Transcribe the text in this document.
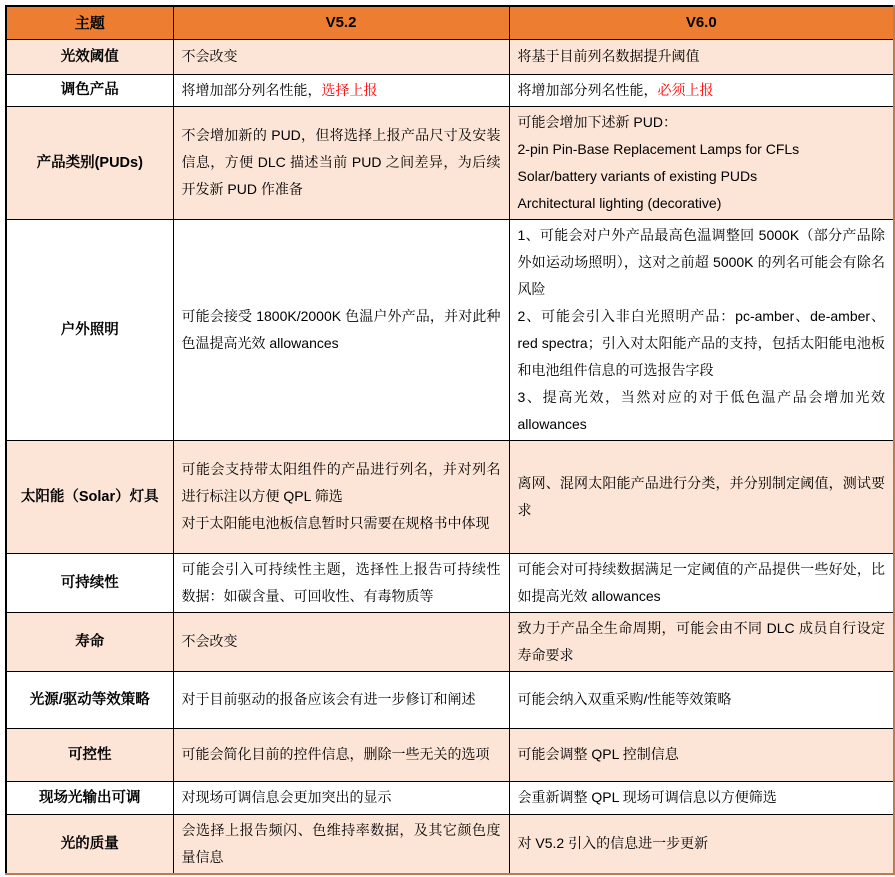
主题	V5.2	V6.0
光效阈值	不会改变	将基于目前列名数据提升阈值

调色产品	将增加部分列名性能，选择上报	将增加部分列名性能，必须上报
产品类别(PUDs)	不会增加新的 PUD，但将选择上报产品尺寸及安装信息，方便 DLC 描述当前 PUD 之间差异，为后续开发新 PUD 作准备	可能会增加下述新 PUD：
2-pin Pin-Base Replacement Lamps for CFLs
Solar/battery variants of existing PUDs
Architectural lighting (decorative)

户外照明	可能会接受 1800K/2000K 色温户外产品，并对此种色温提高光效 allowances	1、可能会对户外产品最高色温调整回 5000K（部分产品除外如运动场照明），这对之前超 5000K 的列名可能会有除名风险
2、可能会引入非白光照明产品：pc-amber、de-amber、red spectra；引入对太阳能产品的支持，包括太阳能电池板和电池组件信息的可选报告字段
3、提高光效，当然对应的对于低色温产品会增加光效 allowances

太阳能（Solar）灯具	可能会支持带太阳组件的产品进行列名，并对列名进行标注以方便 QPL 筛选
对于太阳能电池板信息暂时只需要在规格书中体现	离网、混网太阳能产品进行分类，并分别制定阈值，测试要求

可持续性	可能会引入可持续性主题，选择性上报告可持续性数据：如碳含量、可回收性、有毒物质等	可能会对可持续数据满足一定阈值的产品提供一些好处，比如提高光效 allowances

寿命	不会改变	致力于产品全生命周期，可能会由不同 DLC 成员自行设定寿命要求

光源/驱动等效策略	对于目前驱动的报备应该会有进一步修订和阐述	可能会纳入双重采购/性能等效策略

可控性	可能会简化目前的控件信息，删除一些无关的选项	可能会调整 QPL 控制信息

现场光输出可调	对现场可调信息会更加突出的显示	会重新调整 QPL 现场可调信息以方便筛选

光的质量	会选择上报告频闪、色维持率数据，及其它颜色度量信息	对 V5.2 引入的信息进一步更新
